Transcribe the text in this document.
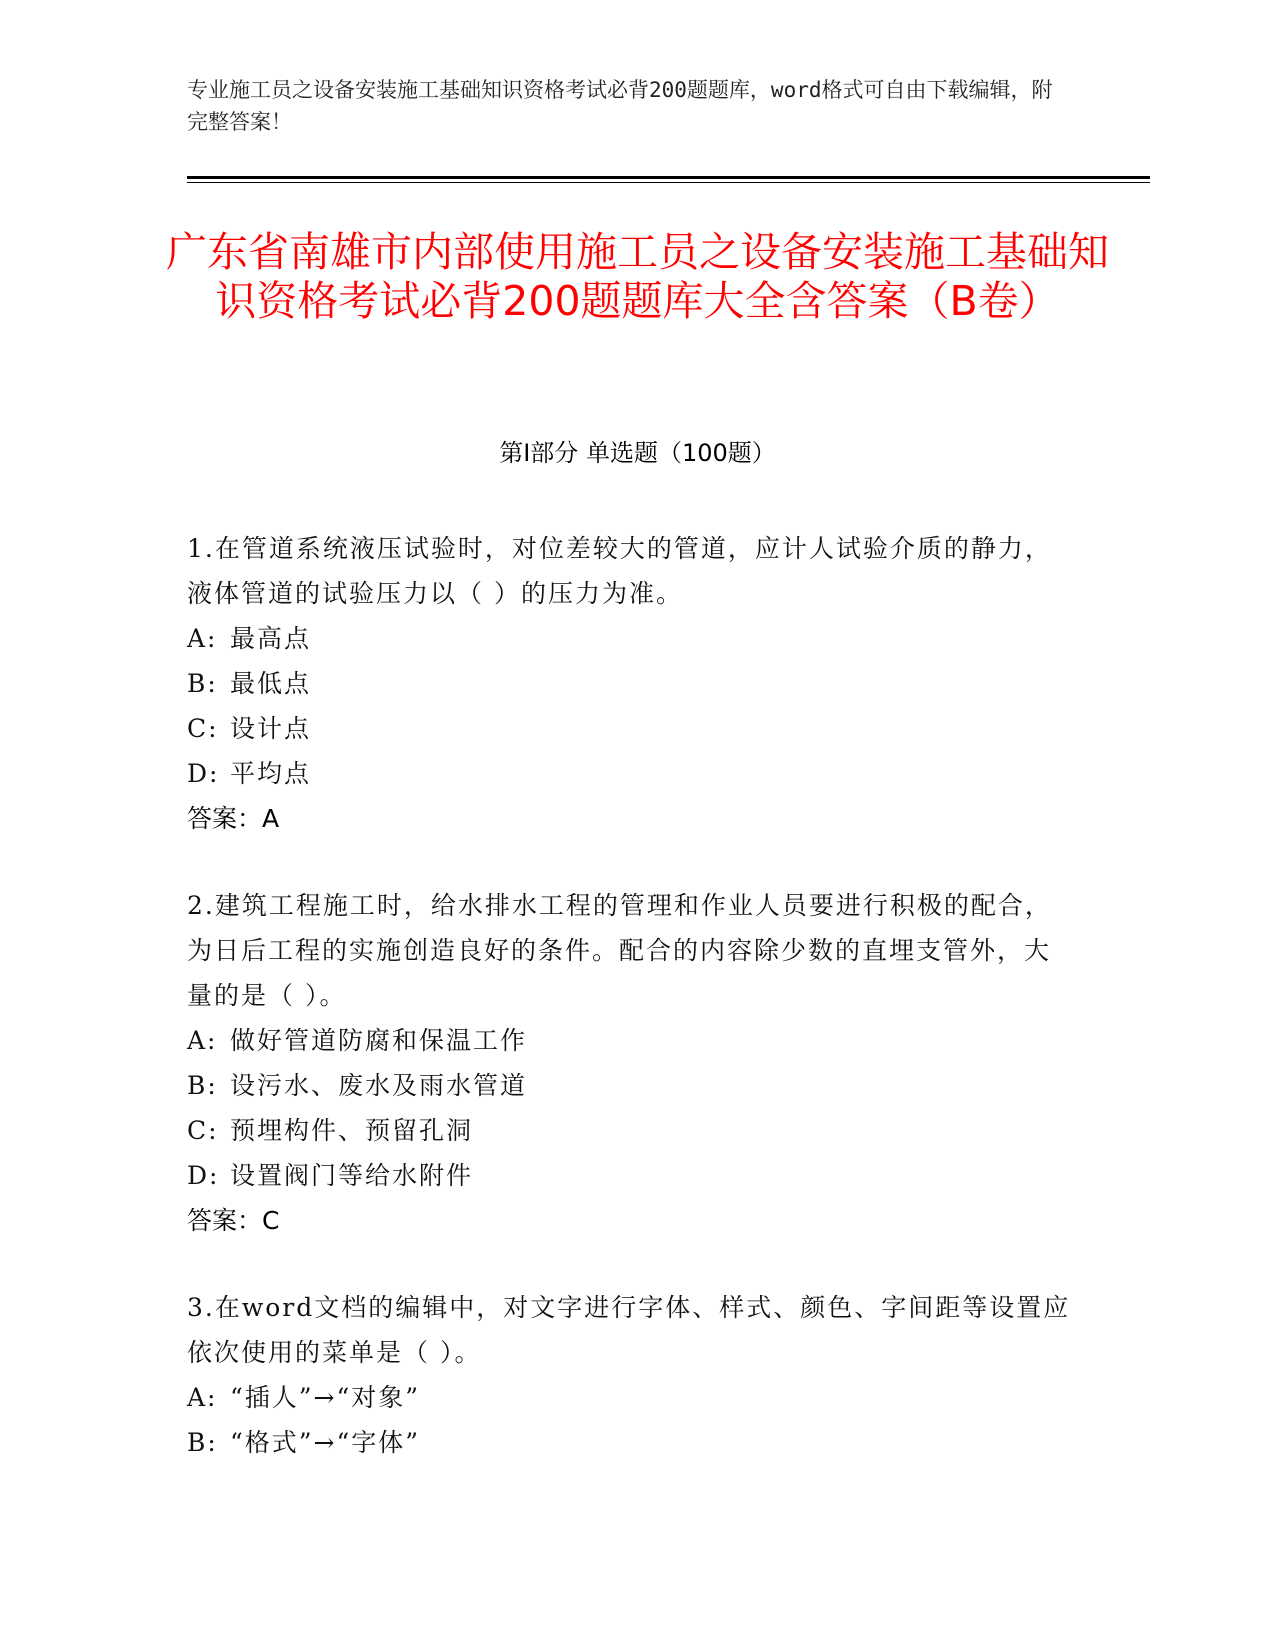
专业施工员之设备安装施工基础知识资格考试必背200题题库，word格式可自由下载编辑，附完整答案！
广东省南雄市内部使用施工员之设备安装施工基础知识资格考试必背200题题库大全含答案（B卷）
第Ⅰ部分 单选题（100题）
1.在管道系统液压试验时，对位差较大的管道，应计人试验介质的静力，液体管道的试验压力以（ ）的压力为准。
A: 最高点
B: 最低点
C: 设计点
D: 平均点
答案：A
2.建筑工程施工时，给水排水工程的管理和作业人员要进行积极的配合，为日后工程的实施创造良好的条件。配合的内容除少数的直埋支管外，大量的是（ ）。
A: 做好管道防腐和保温工作
B: 设污水、废水及雨水管道
C: 预埋构件、预留孔洞
D: 设置阀门等给水附件
答案：C
3.在word文档的编辑中，对文字进行字体、样式、颜色、字间距等设置应依次使用的菜单是（ ）。
A: “插人”→“对象”
B: “格式”→“字体”
